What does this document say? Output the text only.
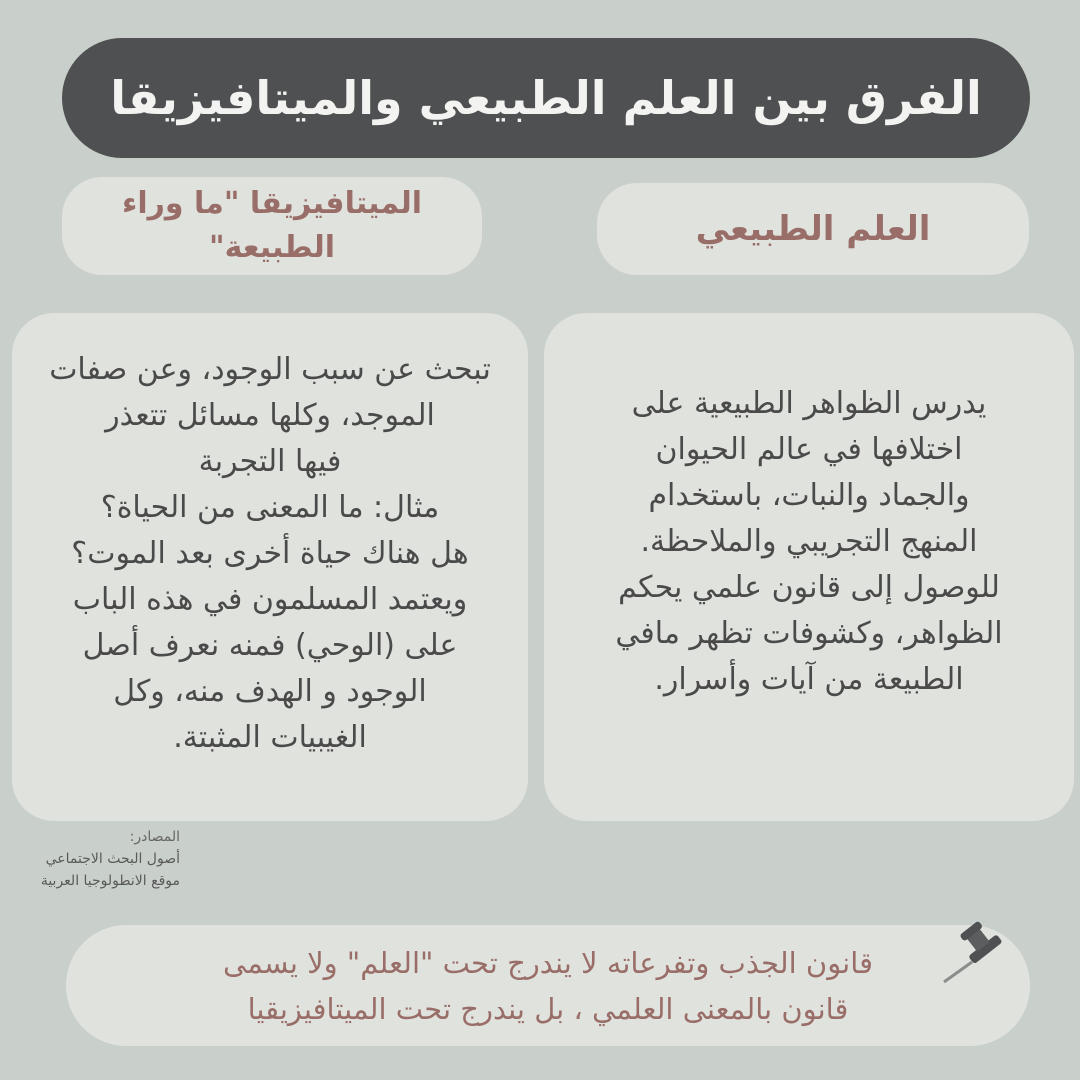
الفرق بين العلم الطبيعي والميتافيزيقا
العلم الطبيعي
الميتافيزيقا "ما وراء
الطبيعة"
يدرس الظواهر الطبيعية على
اختلافها في عالم الحيوان
والجماد والنبات، باستخدام
المنهج التجريبي والملاحظة.
للوصول إلى قانون علمي يحكم
الظواهر، وكشوفات تظهر مافي
الطبيعة من آيات وأسرار.
تبحث عن سبب الوجود، وعن صفات
الموجد، وكلها مسائل تتعذر
فيها التجربة
مثال: ما المعنى من الحياة؟
هل هناك حياة أخرى بعد الموت؟
ويعتمد المسلمون في هذه الباب
على (الوحي) فمنه نعرف أصل
الوجود و الهدف منه، وكل
الغيبيات المثبتة.
المصادر:
أصول البحث الاجتماعي
موقع الانطولوجيا العربية
قانون الجذب وتفرعاته لا يندرج تحت "العلم" ولا يسمى
قانون بالمعنى العلمي ، بل يندرج تحت الميتافيزيقيا
